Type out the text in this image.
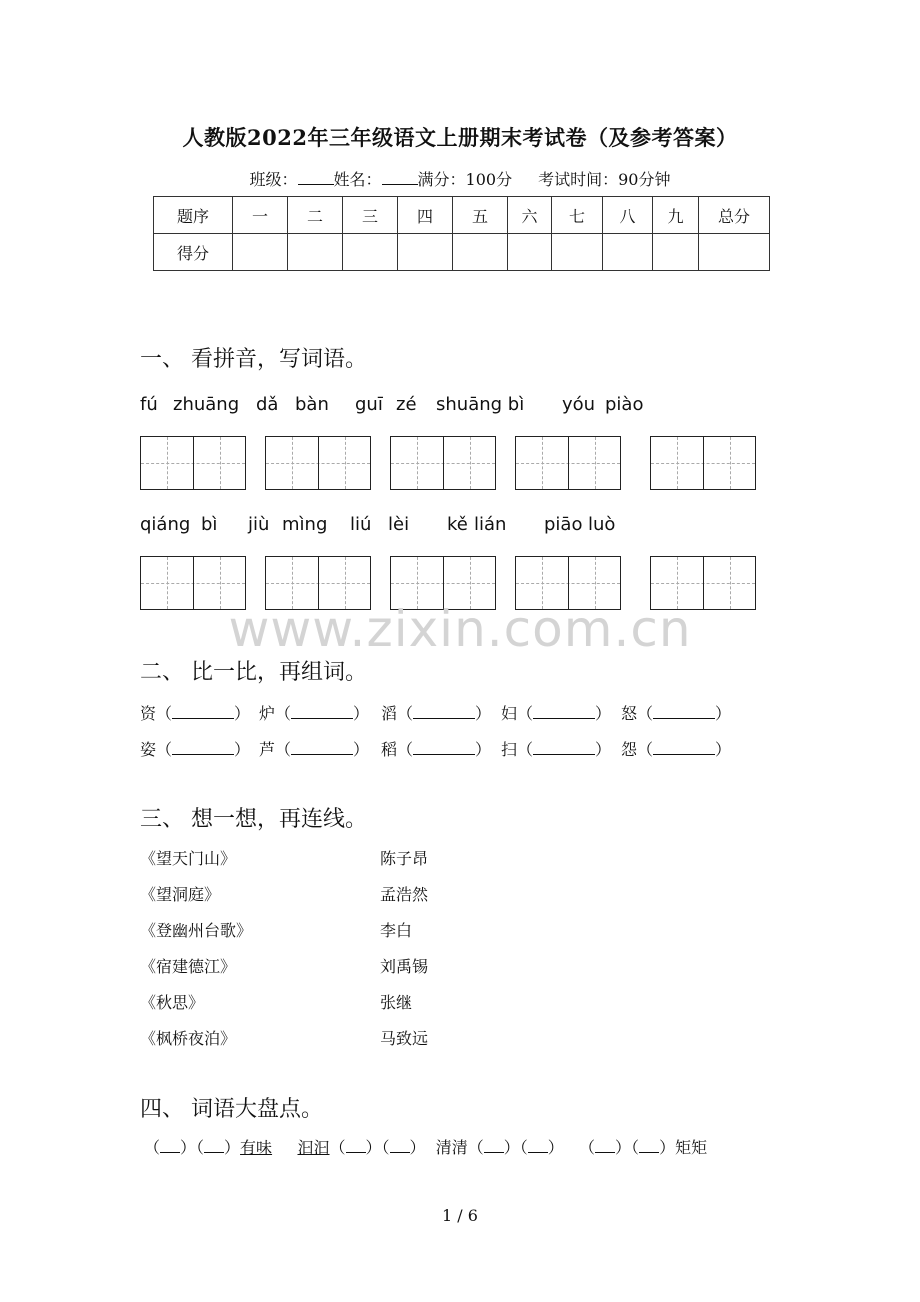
人教版2022年三年级语文上册期末考试卷（及参考答案）
班级： 姓名： 满分：100分 考试时间：90分钟
题序	一	二	三	四	五	六	七	八	九	总分
得分										
一、 看拼音，写词语。
fú zhuāng dǎ bàn guī zé shuāng bì yóu piào
qiáng bì jiù mìng liú lèi kě lián piāo luò
www.zixin.com.cn
二、 比一比，再组词。
资（	） 炉（	） 滔（	） 妇（	） 怒（	）
姿（	） 芦（	） 稻（	） 扫（	） 怨（	）
三、 想一想，再连线。
《望天门山》
《望洞庭》
《登幽州台歌》
《宿建德江》
《秋思》
《枫桥夜泊》
陈子昂
孟浩然
李白
刘禹锡
张继
马致远
四、 词语大盘点。
（ ）（ ）有味 汩汩（ ）（ ）  清清（ ）（ ）   （ ）（ ）矩矩
1 / 6
